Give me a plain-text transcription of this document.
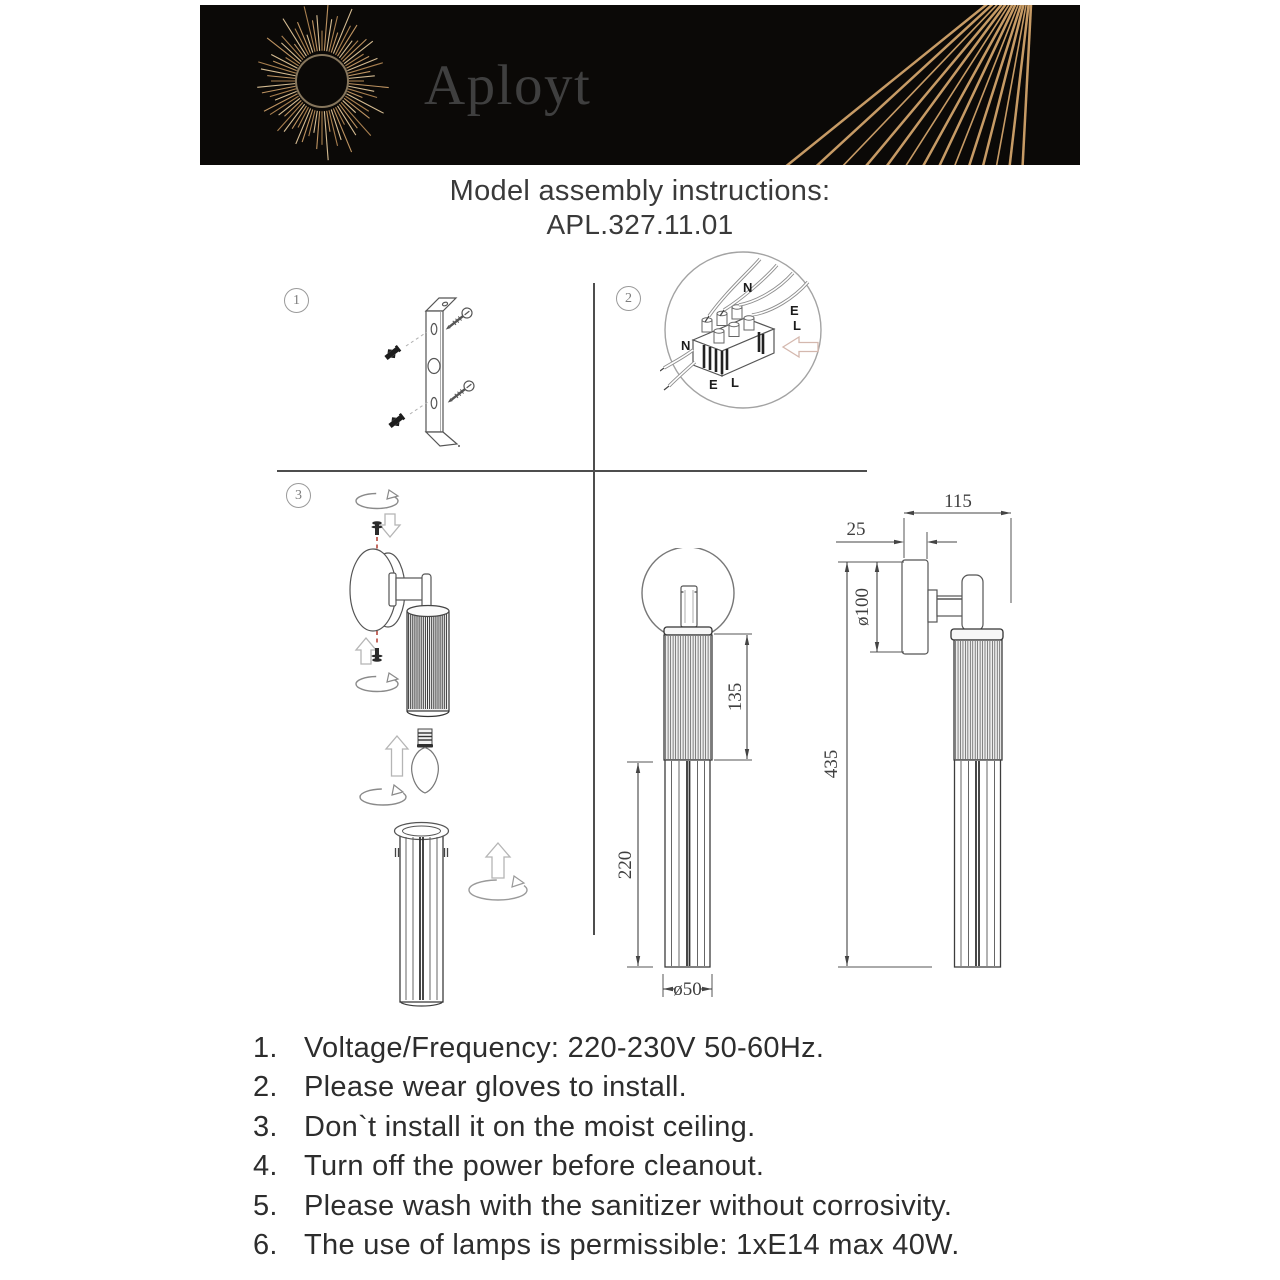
Aployt
Model assembly instructions:
APL.327.11.01
1	2
3
N
E
L
N
E L
135
220
ø50
115
25
ø100
435
1. Voltage/Frequency: 220-230V 50-60Hz.
2. Please wear gloves to install.
3. Don`t install it on the moist ceiling.
4. Turn off the power before cleanout.
5. Please wash with the sanitizer without corrosivity.
6. The use of lamps is permissible: 1xE14 max 40W.
